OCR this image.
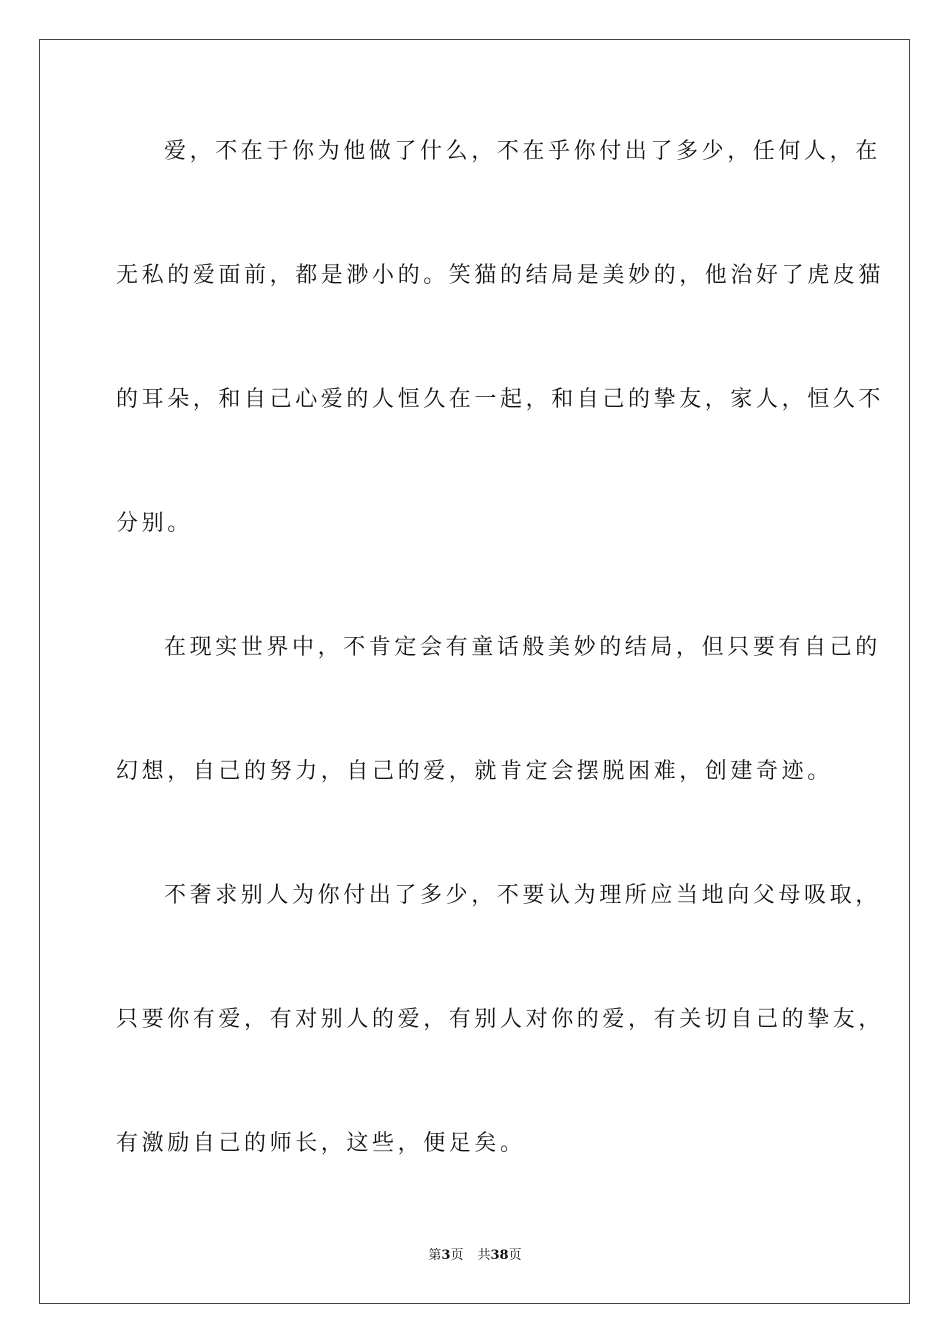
爱，不在于你为他做了什么，不在乎你付出了多少，任何人，在
无私的爱面前，都是渺小的。笑猫的结局是美妙的，他治好了虎皮猫
的耳朵，和自己心爱的人恒久在一起，和自己的挚友，家人，恒久不
分别。
在现实世界中，不肯定会有童话般美妙的结局，但只要有自己的
幻想，自己的努力，自己的爱，就肯定会摆脱困难，创建奇迹。
不奢求别人为你付出了多少，不要认为理所应当地向父母吸取，
只要你有爱，有对别人的爱，有别人对你的爱，有关切自己的挚友，
有激励自己的师长，这些，便足矣。
第3页 共38页
